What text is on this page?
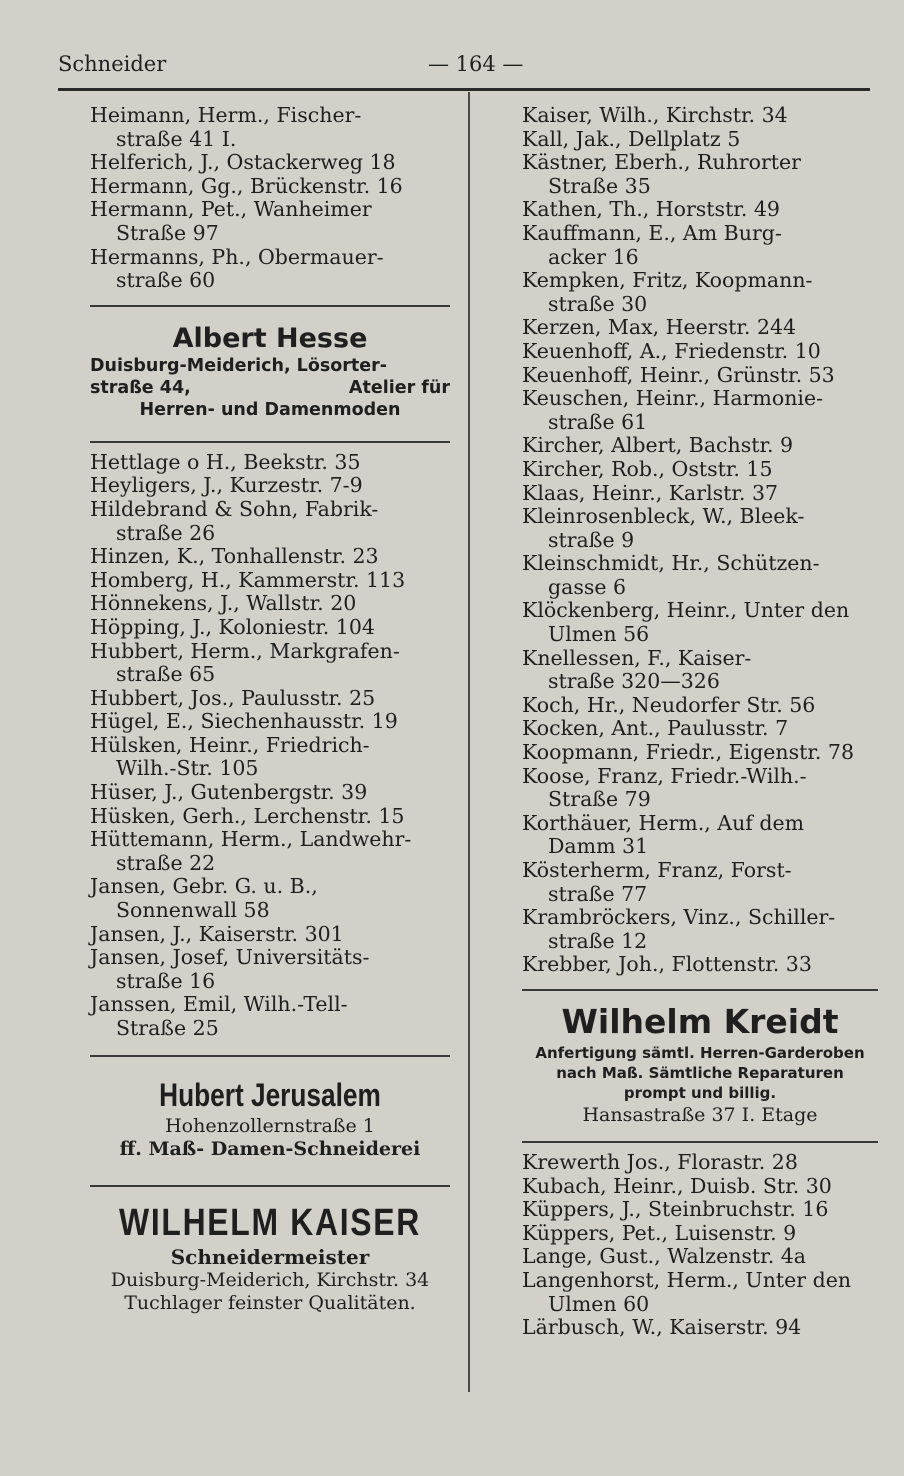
Schneider	— 164 —
Heimann, Herm., Fischer-
straße 41 I.
Helferich, J., Ostackerweg 18
Hermann, Gg., Brückenstr. 16
Hermann, Pet., Wanheimer
Straße 97
Hermanns, Ph., Obermauer-
straße 60
Albert Hesse
Duisburg-Meiderich, Lösorter-
straße 44,	Atelier für
Herren- und Damenmoden
Hettlage o H., Beekstr. 35
Heyligers, J., Kurzestr. 7-9
Hildebrand & Sohn, Fabrik-
straße 26
Hinzen, K., Tonhallenstr. 23
Homberg, H., Kammerstr. 113
Hönnekens, J., Wallstr. 20
Höpping, J., Koloniestr. 104
Hubbert, Herm., Markgrafen-
straße 65
Hubbert, Jos., Paulusstr. 25
Hügel, E., Siechenhausstr. 19
Hülsken, Heinr., Friedrich-
Wilh.-Str. 105
Hüser, J., Gutenbergstr. 39
Hüsken, Gerh., Lerchenstr. 15
Hüttemann, Herm., Landwehr-
straße 22
Jansen, Gebr. G. u. B.,
Sonnenwall 58
Jansen, J., Kaiserstr. 301
Jansen, Josef, Universitäts-
straße 16
Janssen, Emil, Wilh.-Tell-
Straße 25
Hubert Jerusalem
Hohenzollernstraße 1
ff. Maß- Damen-Schneiderei
WILHELM KAISER
Schneidermeister
Duisburg-Meiderich, Kirchstr. 34
Tuchlager feinster Qualitäten.
Kaiser, Wilh., Kirchstr. 34
Kall, Jak., Dellplatz 5
Kästner, Eberh., Ruhrorter
Straße 35
Kathen, Th., Horststr. 49
Kauffmann, E., Am Burg-
acker 16
Kempken, Fritz, Koopmann-
straße 30
Kerzen, Max, Heerstr. 244
Keuenhoff, A., Friedenstr. 10
Keuenhoff, Heinr., Grünstr. 53
Keuschen, Heinr., Harmonie-
straße 61
Kircher, Albert, Bachstr. 9
Kircher, Rob., Oststr. 15
Klaas, Heinr., Karlstr. 37
Kleinrosenbleck, W., Bleek-
straße 9
Kleinschmidt, Hr., Schützen-
gasse 6
Klöckenberg, Heinr., Unter den
Ulmen 56
Knellessen, F., Kaiser-
straße 320—326
Koch, Hr., Neudorfer Str. 56
Kocken, Ant., Paulusstr. 7
Koopmann, Friedr., Eigenstr. 78
Koose, Franz, Friedr.-Wilh.-
Straße 79
Korthäuer, Herm., Auf dem
Damm 31
Kösterherm, Franz, Forst-
straße 77
Krambröckers, Vinz., Schiller-
straße 12
Krebber, Joh., Flottenstr. 33
Wilhelm Kreidt
Anfertigung sämtl. Herren-Garderoben
nach Maß. Sämtliche Reparaturen
prompt und billig.
Hansastraße 37 I. Etage
Krewerth Jos., Florastr. 28
Kubach, Heinr., Duisb. Str. 30
Küppers, J., Steinbruchstr. 16
Küppers, Pet., Luisenstr. 9
Lange, Gust., Walzenstr. 4a
Langenhorst, Herm., Unter den
Ulmen 60
Lärbusch, W., Kaiserstr. 94
